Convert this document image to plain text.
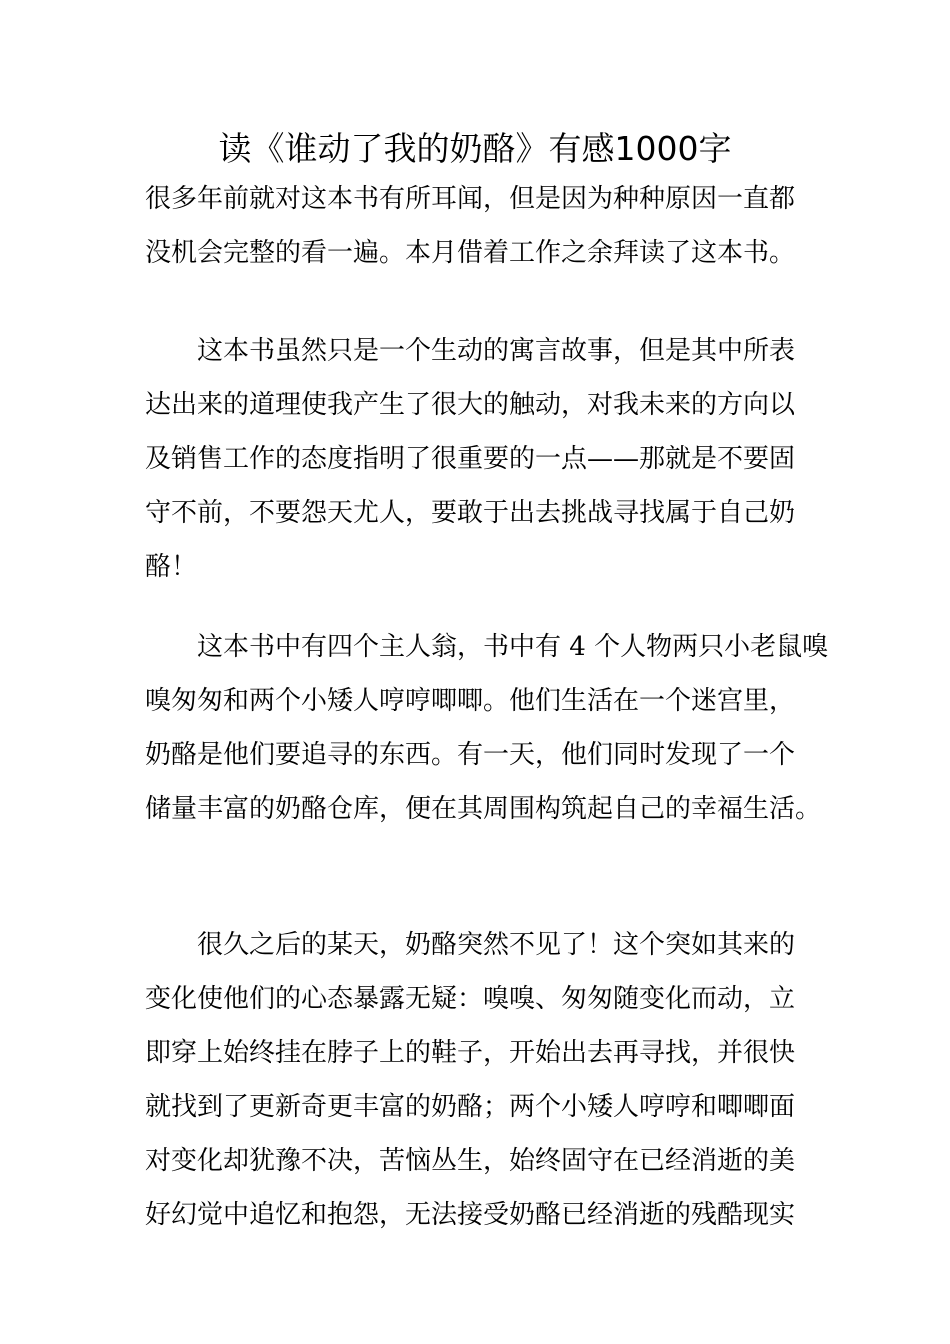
读《谁动了我的奶酪》有感1000字
很多年前就对这本书有所耳闻，但是因为种种原因一直都
没机会完整的看一遍。本月借着工作之余拜读了这本书。
这本书虽然只是一个生动的寓言故事，但是其中所表
达出来的道理使我产生了很大的触动，对我未来的方向以
及销售工作的态度指明了很重要的一点——那就是不要固
守不前，不要怨天尤人，要敢于出去挑战寻找属于自己奶
酪！
这本书中有四个主人翁，书中有 4 个人物两只小老鼠嗅
嗅匆匆和两个小矮人哼哼唧唧。他们生活在一个迷宫里，
奶酪是他们要追寻的东西。有一天，他们同时发现了一个
储量丰富的奶酪仓库，便在其周围构筑起自己的幸福生活。
很久之后的某天，奶酪突然不见了！这个突如其来的
变化使他们的心态暴露无疑：嗅嗅、匆匆随变化而动，立
即穿上始终挂在脖子上的鞋子，开始出去再寻找，并很快
就找到了更新奇更丰富的奶酪；两个小矮人哼哼和唧唧面
对变化却犹豫不决，苦恼丛生，始终固守在已经消逝的美
好幻觉中追忆和抱怨，无法接受奶酪已经消逝的残酷现实
